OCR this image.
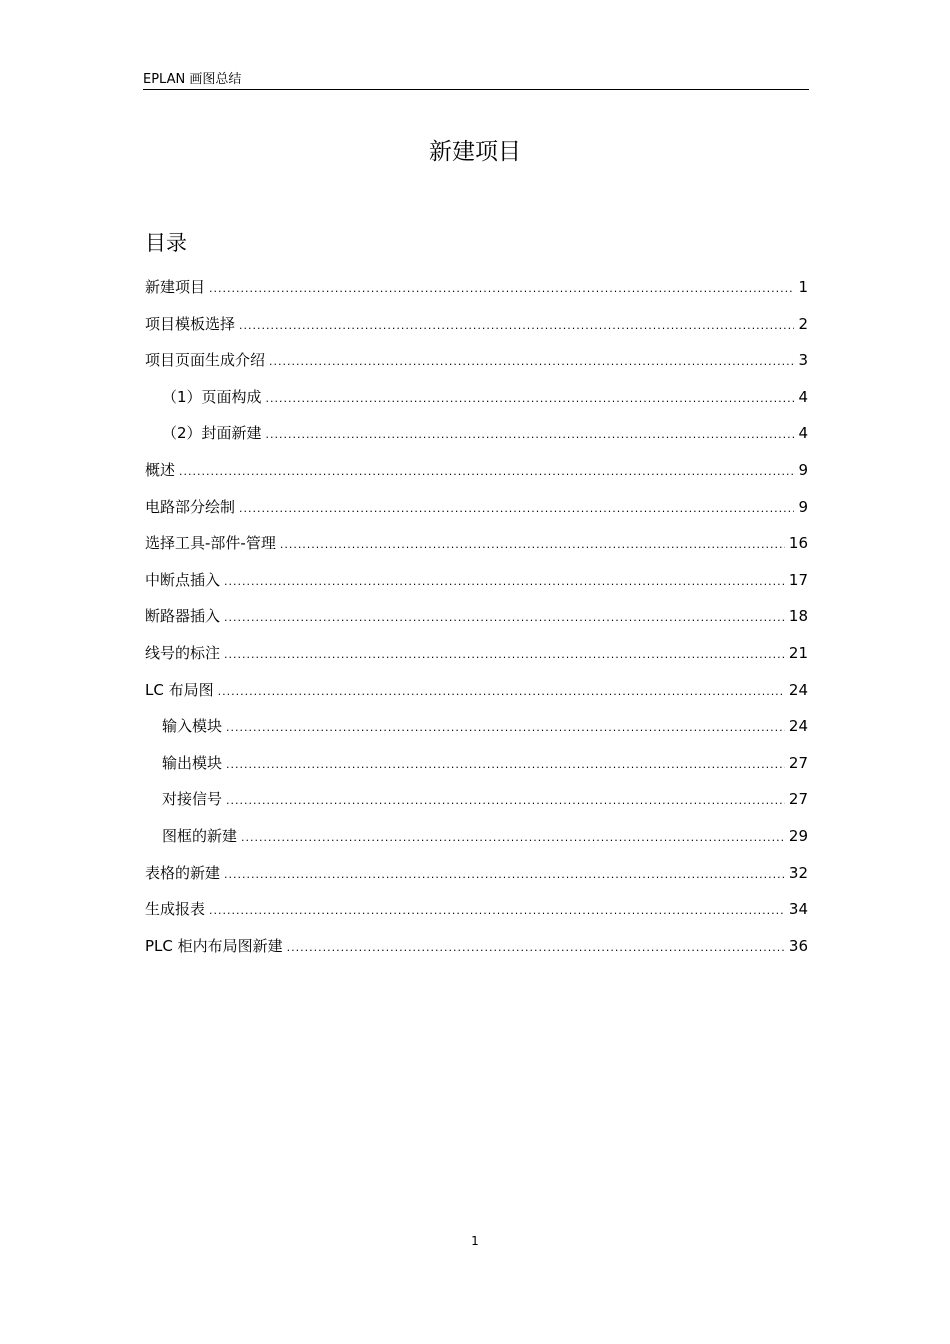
EPLAN 画图总结
新建项目
目录
新建项目 .....	1
项目模板选择 .....	2
项目页面生成介绍 .....	3
（1）页面构成 .....	4
（2）封面新建 .....	4
概述 .....	9
电路部分绘制 .....	9
选择工具-部件-管理 .....	16
中断点插入 .....	17
断路器插入 .....	18
线号的标注 .....	21
LC 布局图 .....	24
输入模块 .....	24
输出模块 .....	27
对接信号 .....	27
图框的新建 .....	29
表格的新建 .....	32
生成报表 .....	34
PLC 柜内布局图新建 .....	36
1
